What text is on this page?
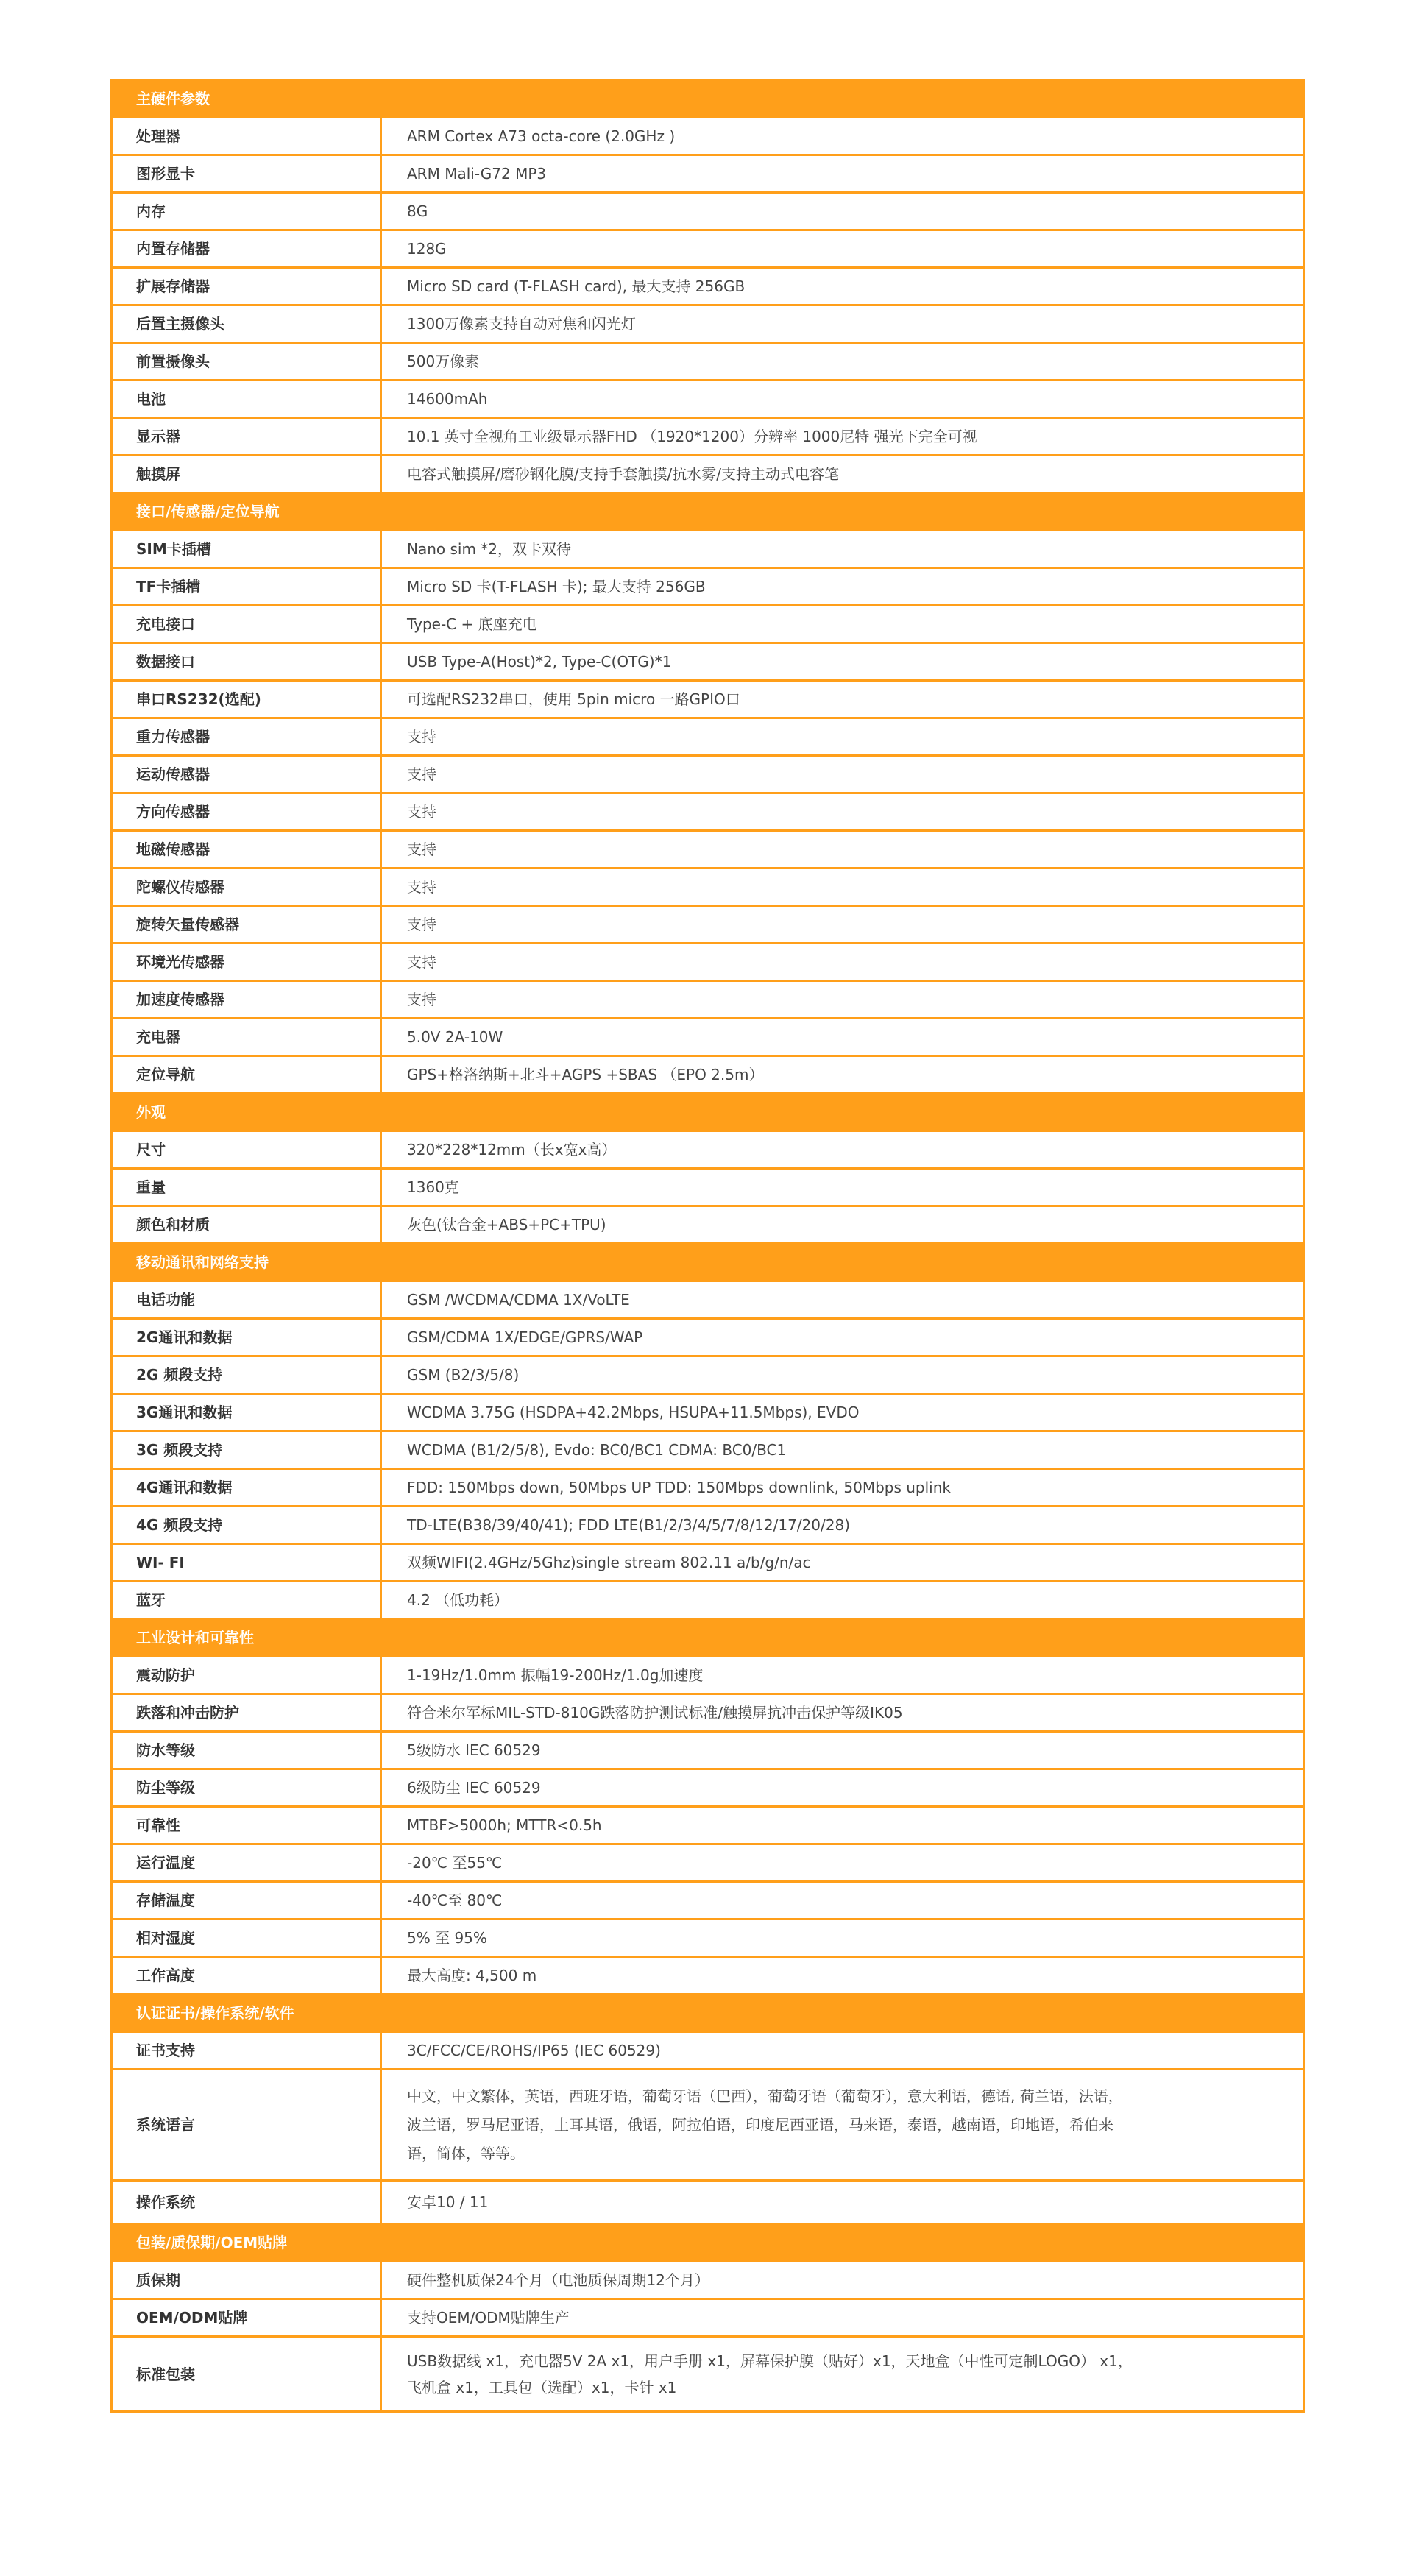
主硬件参数	
处理器	ARM Cortex A73 octa-core (2.0GHz )
图形显卡	ARM Mali-G72 MP3
内存	8G
内置存储器	128G
扩展存储器	Micro SD card (T-FLASH card), 最大支持 256GB
后置主摄像头	1300万像素支持自动对焦和闪光灯
前置摄像头	500万像素
电池	14600mAh
显示器	10.1 英寸全视角工业级显示器FHD （1920*1200）分辨率 1000尼特 强光下完全可视
触摸屏	电容式触摸屏/磨砂钢化膜/支持手套触摸/抗水雾/支持主动式电容笔
接口/传感器/定位导航	
SIM卡插槽	Nano sim *2，双卡双待
TF卡插槽	Micro SD 卡(T-FLASH 卡); 最大支持 256GB
充电接口	Type-C + 底座充电
数据接口	USB Type-A(Host)*2, Type-C(OTG)*1
串口RS232(选配)	可选配RS232串口，使用 5pin micro 一路GPIO口
重力传感器	支持
运动传感器	支持
方向传感器	支持
地磁传感器	支持
陀螺仪传感器	支持
旋转矢量传感器	支持
环境光传感器	支持
加速度传感器	支持
充电器	5.0V 2A-10W
定位导航	GPS+格洛纳斯+北斗+AGPS +SBAS （EPO 2.5m）
外观	
尺寸	320*228*12mm（长x宽x高）
重量	1360克
颜色和材质	灰色(钛合金+ABS+PC+TPU)
移动通讯和网络支持	
电话功能	GSM /WCDMA/CDMA 1X/VoLTE
2G通讯和数据	GSM/CDMA 1X/EDGE/GPRS/WAP
2G 频段支持	GSM (B2/3/5/8)
3G通讯和数据	WCDMA 3.75G (HSDPA+42.2Mbps, HSUPA+11.5Mbps), EVDO
3G 频段支持	WCDMA (B1/2/5/8), Evdo: BC0/BC1 CDMA: BC0/BC1
4G通讯和数据	FDD: 150Mbps down, 50Mbps UP TDD: 150Mbps downlink, 50Mbps uplink
4G 频段支持	TD-LTE(B38/39/40/41); FDD LTE(B1/2/3/4/5/7/8/12/17/20/28)
WI- FI	双频WIFI(2.4GHz/5Ghz)single stream 802.11 a/b/g/n/ac
蓝牙	4.2 （低功耗）
工业设计和可靠性	
震动防护	1-19Hz/1.0mm 振幅19-200Hz/1.0g加速度
跌落和冲击防护	符合米尔军标MIL-STD-810G跌落防护测试标准/触摸屏抗冲击保护等级IK05
防水等级	5级防水 IEC 60529
防尘等级	6级防尘 IEC 60529
可靠性	MTBF>5000h; MTTR<0.5h
运行温度	-20℃ 至55℃
存储温度	-40℃至 80℃
相对湿度	5% 至 95%
工作高度	最大高度: 4,500 m
认证证书/操作系统/软件	
证书支持	3C/FCC/CE/ROHS/IP65 (IEC 60529)
系统语言	中文，中文繁体，英语，西班牙语，葡萄牙语（巴西），葡萄牙语（葡萄牙），意大利语，德语, 荷兰语，法语，
波兰语，罗马尼亚语，土耳其语，俄语，阿拉伯语，印度尼西亚语，马来语，泰语，越南语，印地语，希伯来
语，简体，等等。

操作系统	安卓10 / 11
包装/质保期/OEM贴牌	
质保期	硬件整机质保24个月（电池质保周期12个月）
OEM/ODM贴牌	支持OEM/ODM贴牌生产
标准包装	USB数据线 x1，充电器5V 2A x1，用户手册 x1，屏幕保护膜（贴好）x1，天地盒（中性可定制LOGO） x1，
飞机盒 x1，工具包（选配）x1，卡针 x1
